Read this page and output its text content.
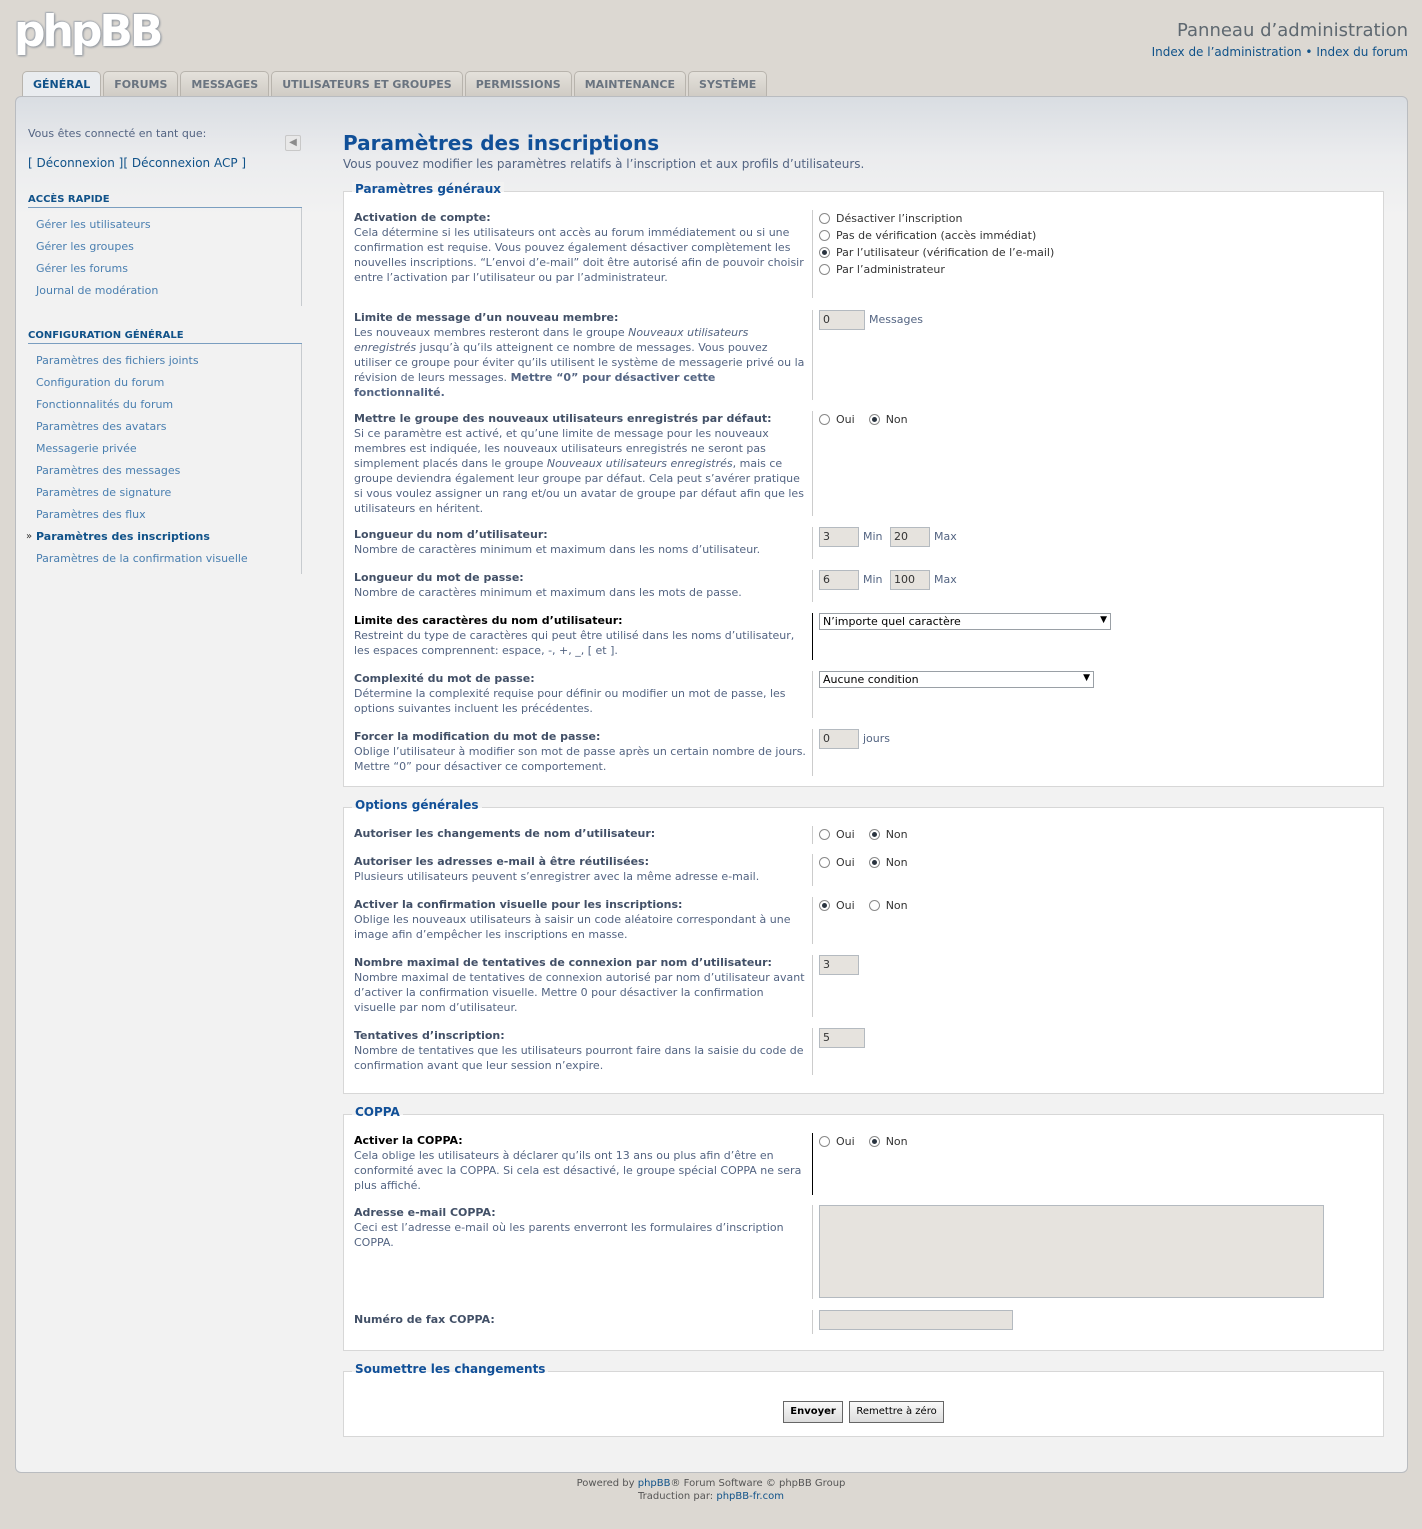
phpBB	Panneau d’administration
Index de l’administration • Index du forum
GÉNÉRAL	FORUMS	MESSAGES	UTILISATEURS ET GROUPES	PERMISSIONS	MAINTENANCE	SYSTÈME
Vous êtes connecté en tant que:
[ Déconnexion ][ Déconnexion ACP ]
ACCÈS RAPIDE
Gérer les utilisateurs
Gérer les groupes
Gérer les forums
Journal de modération
CONFIGURATION GÉNÉRALE
Paramètres des fichiers joints
Configuration du forum
Fonctionnalités du forum
Paramètres des avatars
Messagerie privée
Paramètres des messages
Paramètres de signature
Paramètres des flux
» Paramètres des inscriptions
Paramètres de la confirmation visuelle
◀ Paramètres des inscriptions
Vous pouvez modifier les paramètres relatifs à l’inscription et aux profils d’utilisateurs.
Paramètres généraux
Activation de compte:
Cela détermine si les utilisateurs ont accès au forum immédiatement ou si une confirmation est requise. Vous pouvez également désactiver complètement les nouvelles inscriptions. “L’envoi d’e-mail” doit être autorisé afin de pouvoir choisir entre l’activation par l’utilisateur ou par l’administrateur.
Désactiver l’inscription
Pas de vérification (accès immédiat)
Par l’utilisateur (vérification de l’e-mail)
Par l’administrateur
Limite de message d’un nouveau membre:
Les nouveaux membres resteront dans le groupe Nouveaux utilisateurs enregistrés jusqu’à qu’ils atteignent ce nombre de messages. Vous pouvez utiliser ce groupe pour éviter qu’ils utilisent le système de messagerie privé ou la révision de leurs messages. Mettre “0” pour désactiver cette fonctionnalité.
0	Messages
Mettre le groupe des nouveaux utilisateurs enregistrés par défaut:
Si ce paramètre est activé, et qu’une limite de message pour les nouveaux membres est indiquée, les nouveaux utilisateurs enregistrés ne seront pas simplement placés dans le groupe Nouveaux utilisateurs enregistrés, mais ce groupe deviendra également leur groupe par défaut. Cela peut s’avérer pratique si vous voulez assigner un rang et/ou un avatar de groupe par défaut afin que les utilisateurs en héritent.
Oui	Non
Longueur du nom d’utilisateur:
Nombre de caractères minimum et maximum dans les noms d’utilisateur.
3	Min 20 Max
Longueur du mot de passe:
Nombre de caractères minimum et maximum dans les mots de passe.
6	Min 100 Max
Limite des caractères du nom d’utilisateur:
Restreint du type de caractères qui peut être utilisé dans les noms d’utilisateur, les espaces comprennent: espace, -, +, _, [ et ].
N’importe quel caractère	▼
Complexité du mot de passe:
Détermine la complexité requise pour définir ou modifier un mot de passe, les options suivantes incluent les précédentes.
Aucune condition	▼
Forcer la modification du mot de passe:
Oblige l’utilisateur à modifier son mot de passe après un certain nombre de jours. Mettre “0” pour désactiver ce comportement.
0	jours
Options générales
Autoriser les changements de nom d’utilisateur:	Oui	Non
Autoriser les adresses e-mail à être réutilisées:
Plusieurs utilisateurs peuvent s’enregistrer avec la même adresse e-mail.
Oui	Non
Activer la confirmation visuelle pour les inscriptions:
Oblige les nouveaux utilisateurs à saisir un code aléatoire correspondant à une image afin d’empêcher les inscriptions en masse.
Oui	Non
Nombre maximal de tentatives de connexion par nom d’utilisateur:
Nombre maximal de tentatives de connexion autorisé par nom d’utilisateur avant d’activer la confirmation visuelle. Mettre 0 pour désactiver la confirmation visuelle par nom d’utilisateur.
3
Tentatives d’inscription:
Nombre de tentatives que les utilisateurs pourront faire dans la saisie du code de confirmation avant que leur session n’expire.
5
COPPA
Activer la COPPA:
Cela oblige les utilisateurs à déclarer qu’ils ont 13 ans ou plus afin d’être en conformité avec la COPPA. Si cela est désactivé, le groupe spécial COPPA ne sera plus affiché.
Oui	Non
Adresse e-mail COPPA:
Ceci est l’adresse e-mail où les parents enverront les formulaires d’inscription COPPA.
Numéro de fax COPPA:
Soumettre les changements
Envoyer Remettre à zéro
Powered by phpBB® Forum Software © phpBB Group
Traduction par: phpBB-fr.com
